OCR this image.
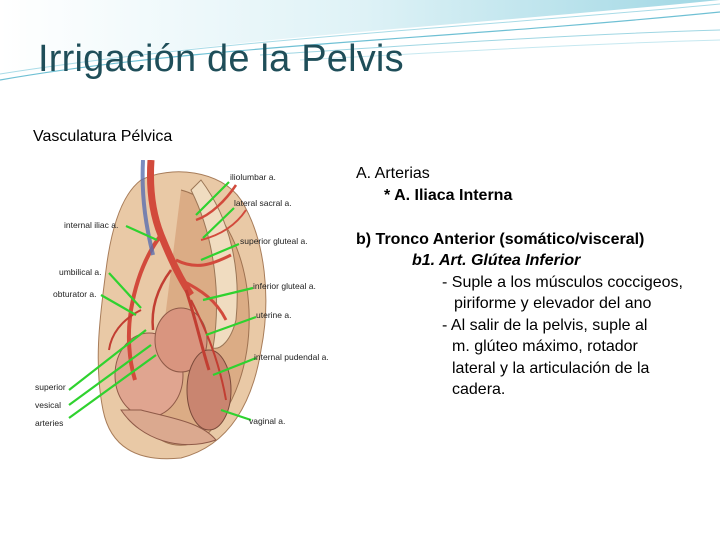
Irrigación de la Pelvis
Vasculatura Pélvica
iliolumbar a.
lateral sacral a.
internal iliac a.
superior gluteal a.
umbilical a.
obturator a.
inferior gluteal a.
uterine a.
internal pudendal a.
superior
vesical
arteries	vaginal a.
A. Arterias
* A. Iliaca Interna
b) Tronco Anterior (somático/visceral)
b1. Art. Glútea Inferior
- Suple a los músculos coccigeos,
piriforme y elevador del ano
- Al salir de la pelvis, suple al
m. glúteo máximo, rotador
lateral y la articulación de la
cadera.
